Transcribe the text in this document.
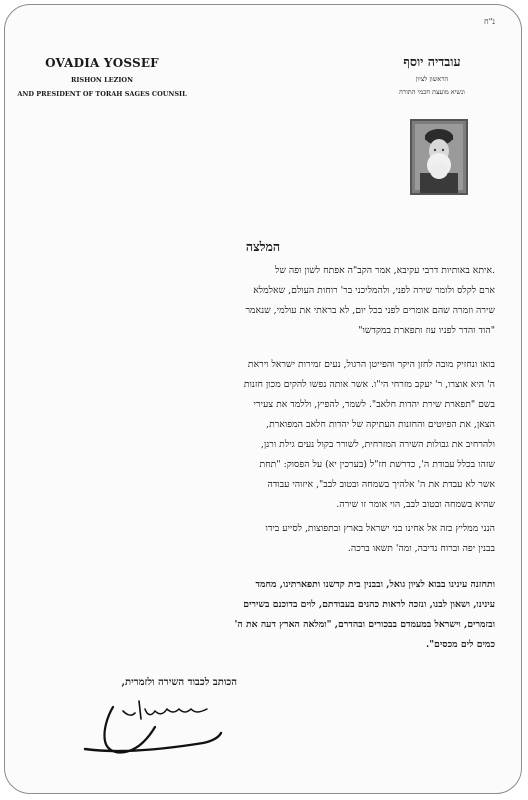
נ"ח
OVADIA YOSSEF
RISHON LEZION
AND PRESIDENT OF TORAH SAGES COUNSIL
עובדיה יוסף
הראשון לציון
ונשיא מועצת חכמי התורה
המלצה
.איתא באותיות דרבי עקיבא, אמר הקב"ה אפתח לשון ופה של
ארם לקלס ולומר שירה לפני, ולהמליכני בר' רוחות העולם, שאלמלא
שירה וזמרה שהם אומרים לפני בכל יום, לא בראתי את עולמי, שנאמר
"הוד והדר לפניו עוז ותפארת במקדשו"
בואו ונחזיק מובה לחזן היקר והפייטן הרגול, נעים זמירות ישראל ויראת
ה' היא אוצרו, ר' יעקב מזרחי הי"ו. אשר אותה נפשו להקים מכון חזנות
בשם "תפארת שירת יהדות חלאב". לשמר, להפיץ, וללמד את צעירי
הצאן, את הפיוטים והחזנות העתיקה של יהדות חלאב המפוארת,
ולהרחיב את גבולות השירה המזרחית, לשורר בקול נעים גילת ורנן,
שזהו בכלל עבודת ה', כדרשת חז"ל (בערכין יא) על הפסוק: "תחת
אשר לא עבדת את ה' אלהיך בשמחה ובטוב לבב", איזוהי עבודה
שהיא בשמחה ובטוב לבב, הוי אומר זו שירה.
הנני ממליץ כזה אל אחינו בני ישראל בארץ ובתפוצות, לסייע בידו
בבנין יפה וברוח נדיבה, ומה' תשאו ברכה.
ותחזנה עינינו בבוא לציון גואל, ובבנין בית קדשנו ותפארתינו, מחמד
עינינו, ושאון לבנו, ונזכה לראות כהנים בעבודתם, לוים בדוכנם בשירים
ובזמרים, וישראל במעמדם בבכורים ובהדרם, "ומלאה הארץ דעה את ה'
כמים לים מכסים".
הכותב לכבוד השירה ולזמרית,
